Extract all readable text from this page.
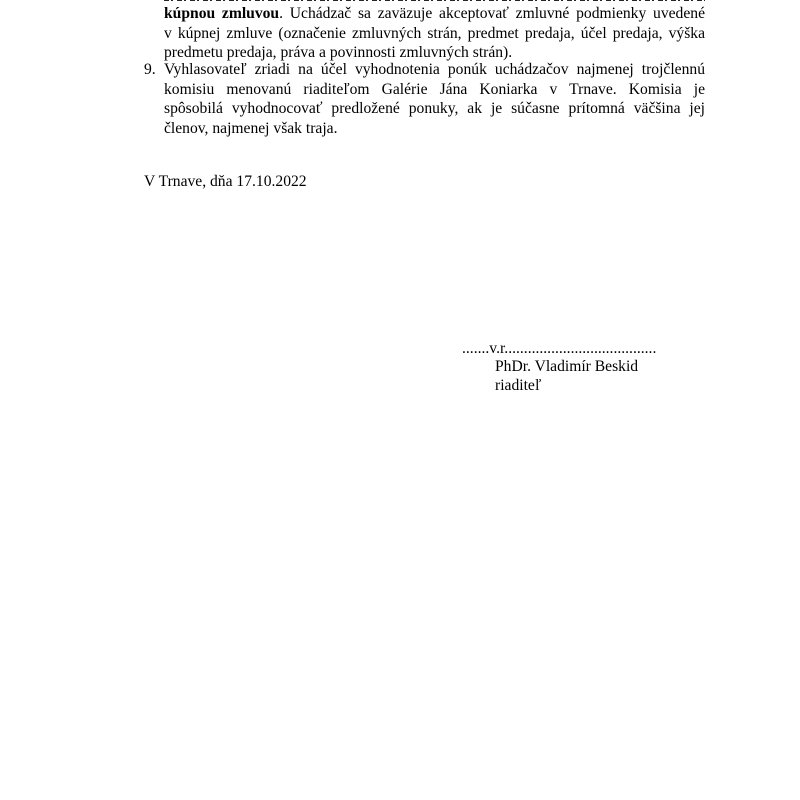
kúpnou zmluvou. Uchádzač sa zaväzuje akceptovať zmluvné podmienky uvedené
v kúpnej zmluve (označenie zmluvných strán, predmet predaja, účel predaja, výška
predmetu predaja, práva a povinnosti zmluvných strán).
9. Vyhlasovateľ zriadi na účel vyhodnotenia ponúk uchádzačov najmenej trojčlennú
komisiu menovanú riaditeľom Galérie Jána Koniarka v Trnave. Komisia je
spôsobilá vyhodnocovať predložené ponuky, ak je súčasne prítomná väčšina jej
členov, najmenej však traja.
V Trnave, dňa 17.10.2022
.......v.r.......................................
PhDr. Vladimír Beskid
riaditeľ
